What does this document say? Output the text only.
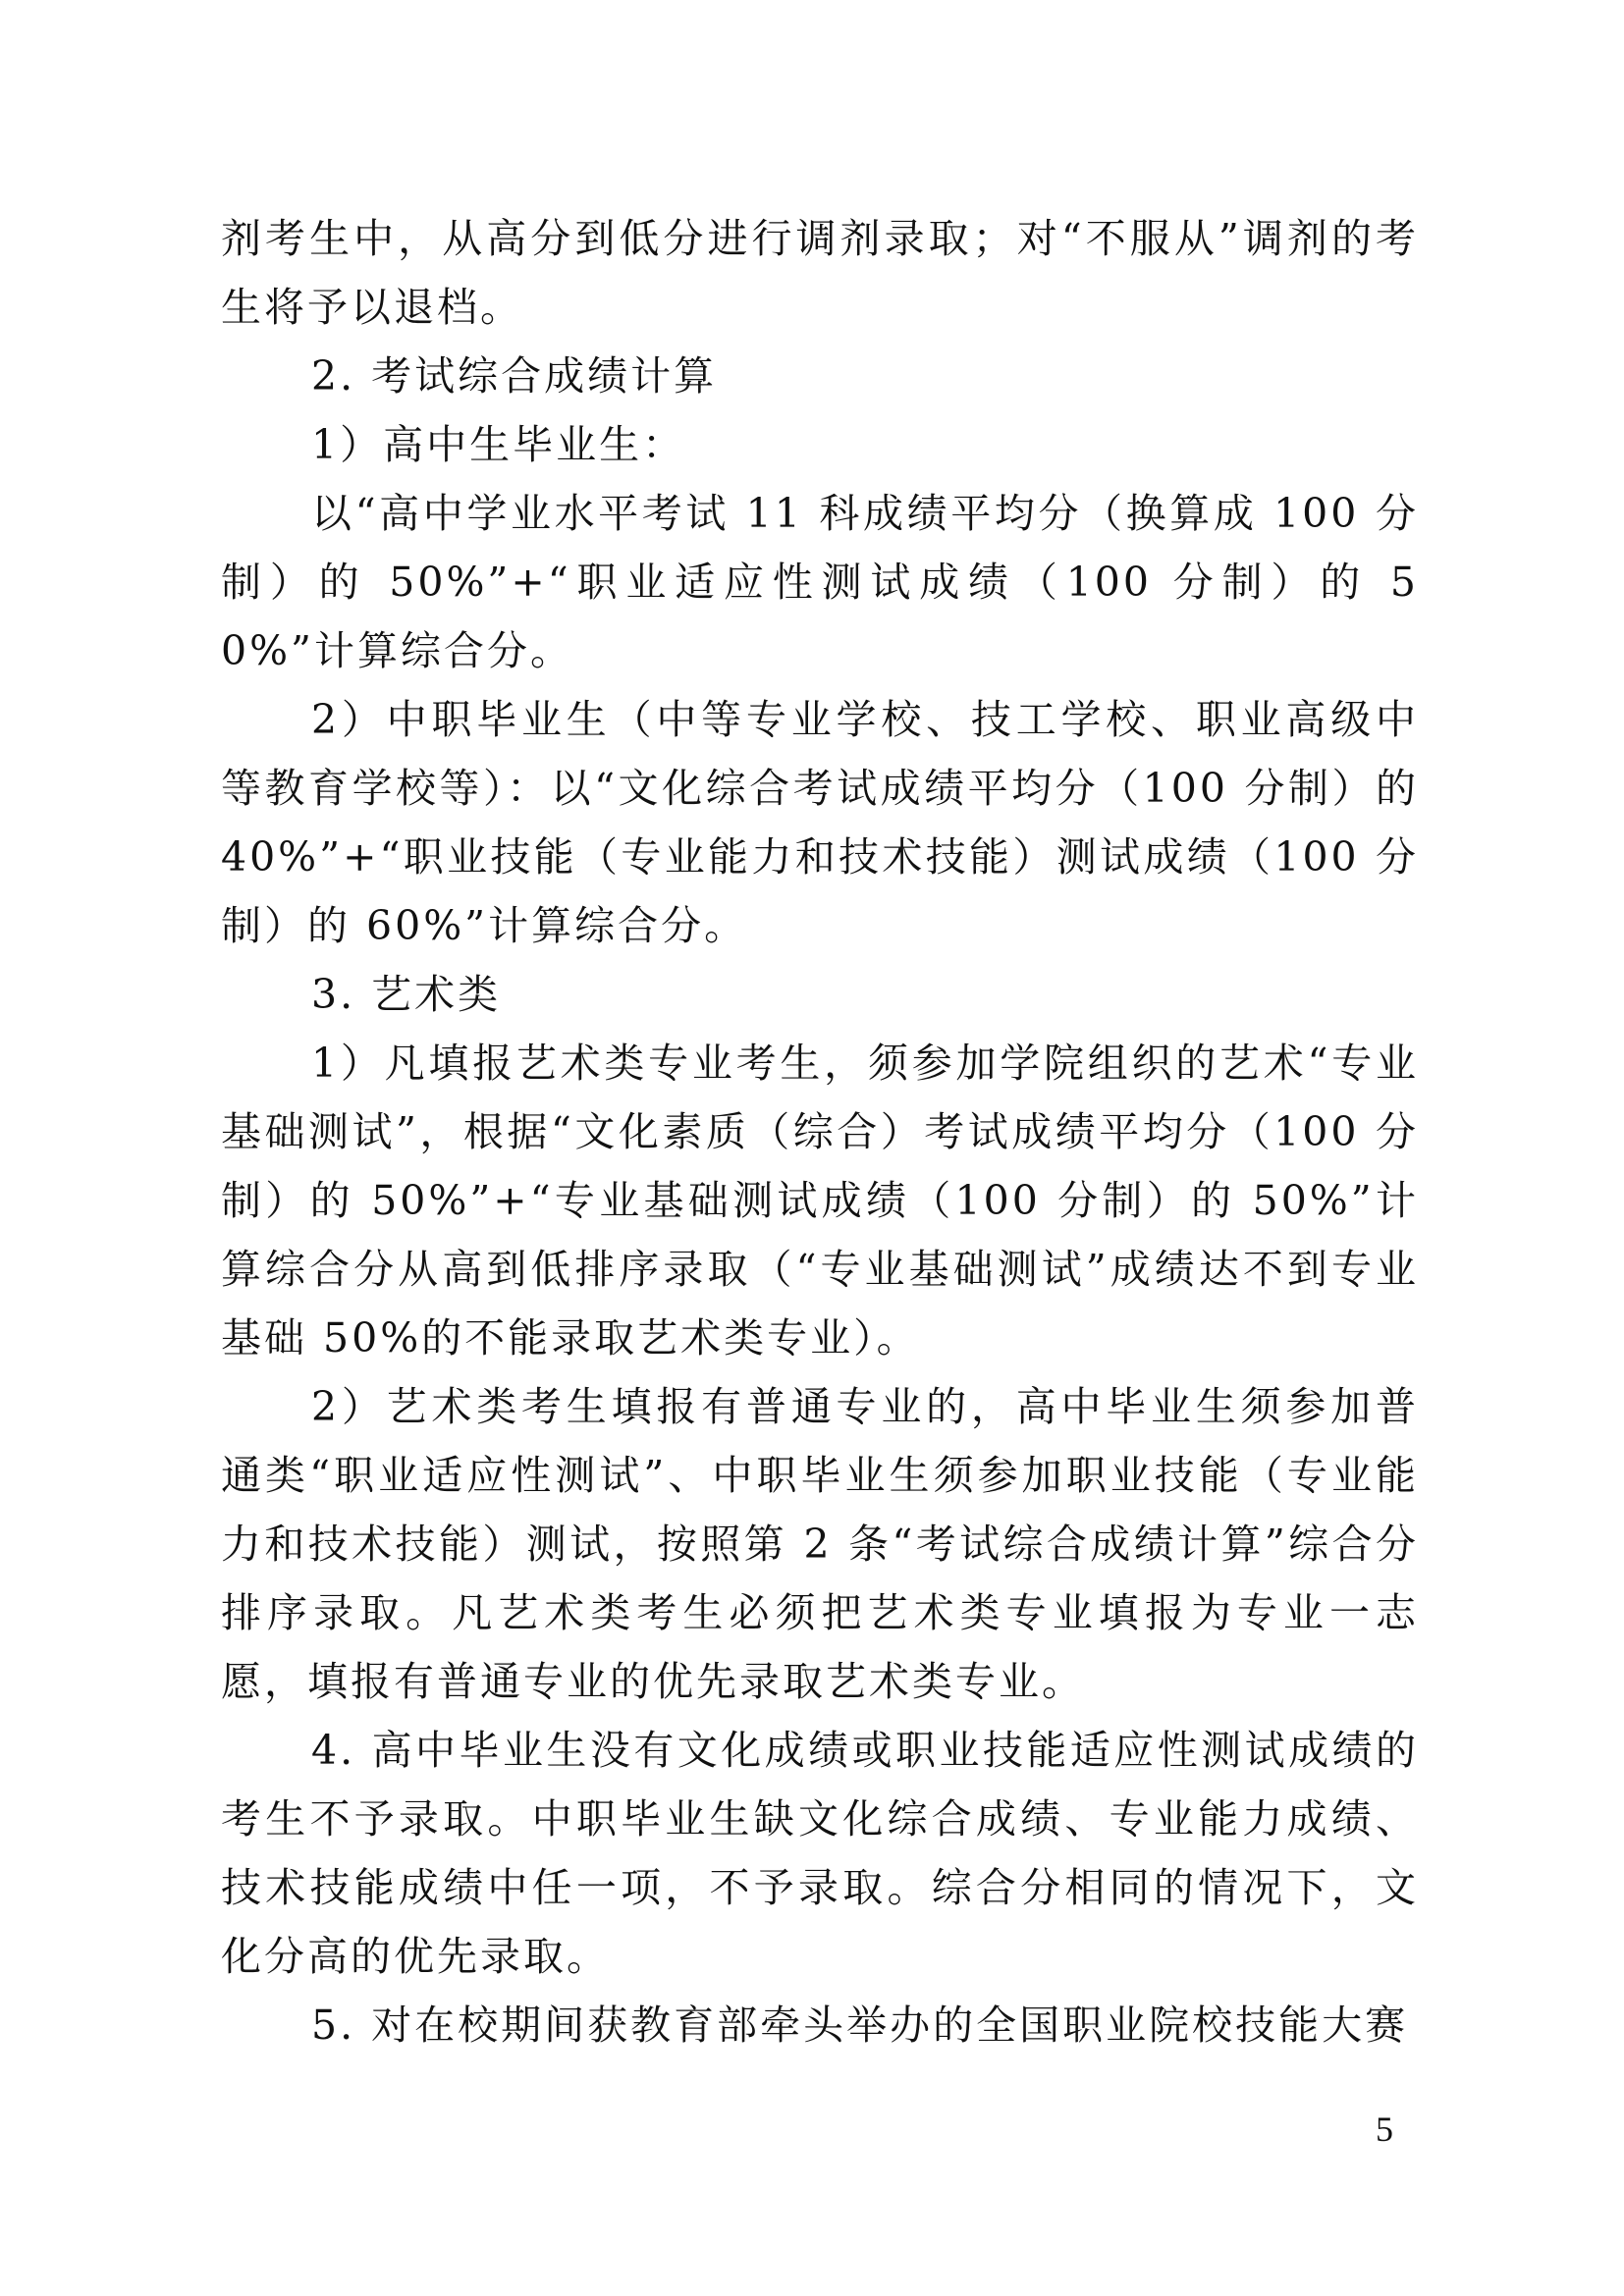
剂考生中，从高分到低分进行调剂录取；对“不服从”调剂的考生将予以退档。

2. 考试综合成绩计算

1）高中生毕业生：

以“高中学业水平考试 11 科成绩平均分（换算成 100 分制）的 50%”+“职业适应性测试成绩（100 分制）的 50%”计算综合分。

2）中职毕业生（中等专业学校、技工学校、职业高级中等教育学校等）：以“文化综合考试成绩平均分（100 分制）的 40%”+“职业技能（专业能力和技术技能）测试成绩（100 分制）的 60%”计算综合分。

3. 艺术类

1）凡填报艺术类专业考生，须参加学院组织的艺术“专业基础测试”，根据“文化素质（综合）考试成绩平均分（100 分制）的 50%”+“专业基础测试成绩（100 分制）的 50%”计算综合分从高到低排序录取（“专业基础测试”成绩达不到专业基础 50%的不能录取艺术类专业）。

2）艺术类考生填报有普通专业的，高中毕业生须参加普通类“职业适应性测试”、中职毕业生须参加职业技能（专业能力和技术技能）测试，按照第 2 条“考试综合成绩计算”综合分排序录取。凡艺术类考生必须把艺术类专业填报为专业一志愿，填报有普通专业的优先录取艺术类专业。

4. 高中毕业生没有文化成绩或职业技能适应性测试成绩的考生不予录取。中职毕业生缺文化综合成绩、专业能力成绩、技术技能成绩中任一项，不予录取。综合分相同的情况下，文化分高的优先录取。

5. 对在校期间获教育部牵头举办的全国职业院校技能大赛

5
